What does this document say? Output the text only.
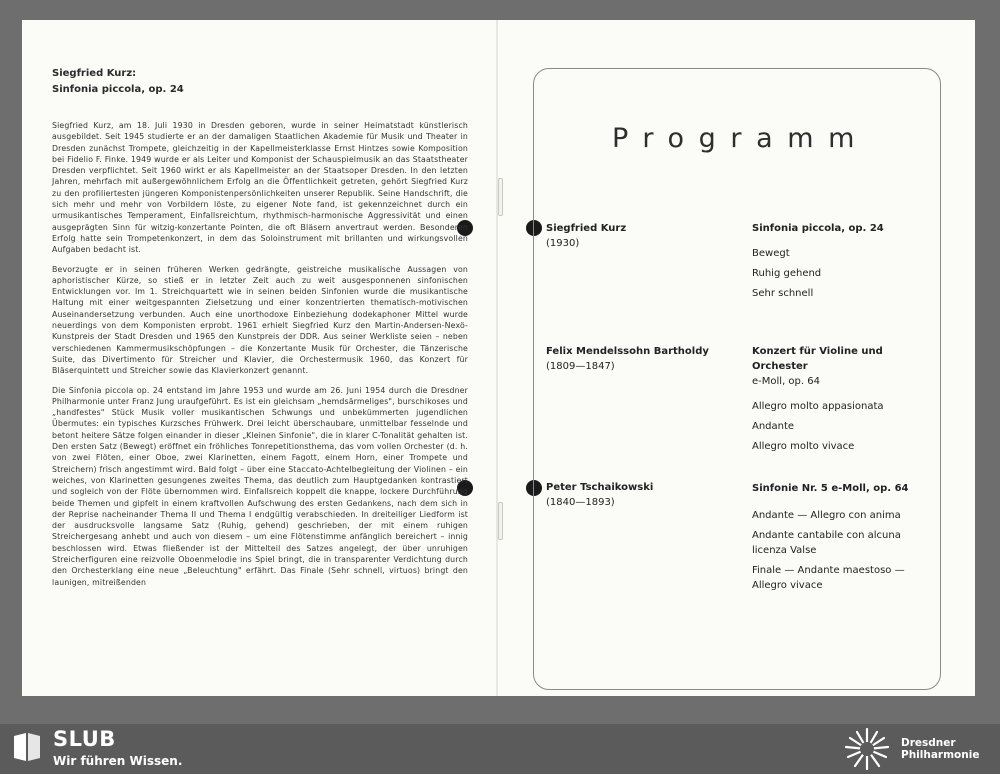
Siegfried Kurz:

Sinfonia piccola, op. 24

Siegfried Kurz, am 18. Juli 1930 in Dresden geboren, wurde in seiner Heimatstadt künstlerisch ausgebildet. Seit 1945 studierte er an der damaligen Staatlichen Akademie für Musik und Theater in Dresden zunächst Trompete, gleichzeitig in der Kapellmeisterklasse Ernst Hintzes sowie Komposition bei Fidelio F. Finke. 1949 wurde er als Leiter und Komponist der Schauspielmusik an das Staatstheater Dresden verpflichtet. Seit 1960 wirkt er als Kapellmeister an der Staatsoper Dresden. In den letzten Jahren, mehrfach mit außergewöhnlichem Erfolg an die Öffentlichkeit getreten, gehört Siegfried Kurz zu den profiliertesten jüngeren Komponistenpersönlichkeiten unserer Republik. Seine Handschrift, die sich mehr und mehr von Vorbildern löste, zu eigener Note fand, ist gekennzeichnet durch ein urmusikantisches Temperament, Einfallsreichtum, rhythmisch-harmonische Aggressivität und einen ausgeprägten Sinn für witzig-konzertante Pointen, die oft Bläsern anvertraut werden. Besonderen Erfolg hatte sein Trompetenkonzert, in dem das Soloinstrument mit brillanten und wirkungsvollen Aufgaben bedacht ist.

Bevorzugte er in seinen früheren Werken gedrängte, geistreiche musikalische Aussagen von aphoristischer Kürze, so stieß er in letzter Zeit auch zu weit ausgesponnenen sinfonischen Entwicklungen vor. Im 1. Streichquartett wie in seinen beiden Sinfonien wurde die musikantische Haltung mit einer weitgespannten Zielsetzung und einer konzentrierten thematisch-motivischen Auseinandersetzung verbunden. Auch eine unorthodoxe Einbeziehung dodekaphoner Mittel wurde neuerdings von dem Komponisten erprobt. 1961 erhielt Siegfried Kurz den Martin-Andersen-Nexö-Kunstpreis der Stadt Dresden und 1965 den Kunstpreis der DDR. Aus seiner Werkliste seien – neben verschiedenen Kammermusikschöpfungen – die Konzertante Musik für Orchester, die Tänzerische Suite, das Divertimento für Streicher und Klavier, die Orchestermusik 1960, das Konzert für Bläserquintett und Streicher sowie das Klavierkonzert genannt.

Die Sinfonia piccola op. 24 entstand im Jahre 1953 und wurde am 26. Juni 1954 durch die Dresdner Philharmonie unter Franz Jung uraufgeführt. Es ist ein gleichsam „hemdsärmeliges", burschikoses und „handfestes" Stück Musik voller musikantischen Schwungs und unbekümmerten jugendlichen Übermutes: ein typisches Kurzsches Frühwerk. Drei leicht überschaubare, unmittelbar fesselnde und betont heitere Sätze folgen einander in dieser „Kleinen Sinfonie", die in klarer C-Tonalität gehalten ist. Den ersten Satz (Bewegt) eröffnet ein fröhliches Tonrepetitionsthema, das vom vollen Orchester (d. h. von zwei Flöten, einer Oboe, zwei Klarinetten, einem Fagott, einem Horn, einer Trompete und Streichern) frisch angestimmt wird. Bald folgt – über eine Staccato-Achtelbegleitung der Violinen – ein weiches, von Klarinetten gesungenes zweites Thema, das deutlich zum Hauptgedanken kontrastiert und sogleich von der Flöte übernommen wird. Einfallsreich koppelt die knappe, lockere Durchführung beide Themen und gipfelt in einem kraftvollen Aufschwung des ersten Gedankens, nach dem sich in der Reprise nacheinander Thema II und Thema I endgültig verabschieden. In dreiteiliger Liedform ist der ausdrucksvolle langsame Satz (Ruhig, gehend) geschrieben, der mit einem ruhigen Streichergesang anhebt und auch von diesem – um eine Flötenstimme anfänglich bereichert – innig beschlossen wird. Etwas fließender ist der Mittelteil des Satzes angelegt, der über unruhigen Streicherfiguren eine reizvolle Oboenmelodie ins Spiel bringt, die in transparenter Verdichtung durch den Orchesterklang eine neue „Beleuchtung" erfährt. Das Finale (Sehr schnell, virtuos) bringt den launigen, mitreißenden

Programm
Siegfried Kurz
(1930)
Sinfonia piccola, op. 24
Bewegt
Ruhig gehend
Sehr schnell
Felix Mendelssohn Bartholdy
(1809—1847)
Konzert für Violine und Orchester
e-Moll, op. 64
Allegro molto appasionata
Andante
Allegro molto vivace
Peter Tschaikowski
(1840—1893)
Sinfonie Nr. 5 e-Moll, op. 64
Andante — Allegro con anima
Andante cantabile con alcuna licenza Valse
Finale — Andante maestoso — Allegro vivace
SLUB
Wir führen Wissen.
Dresdner
Philharmonie
